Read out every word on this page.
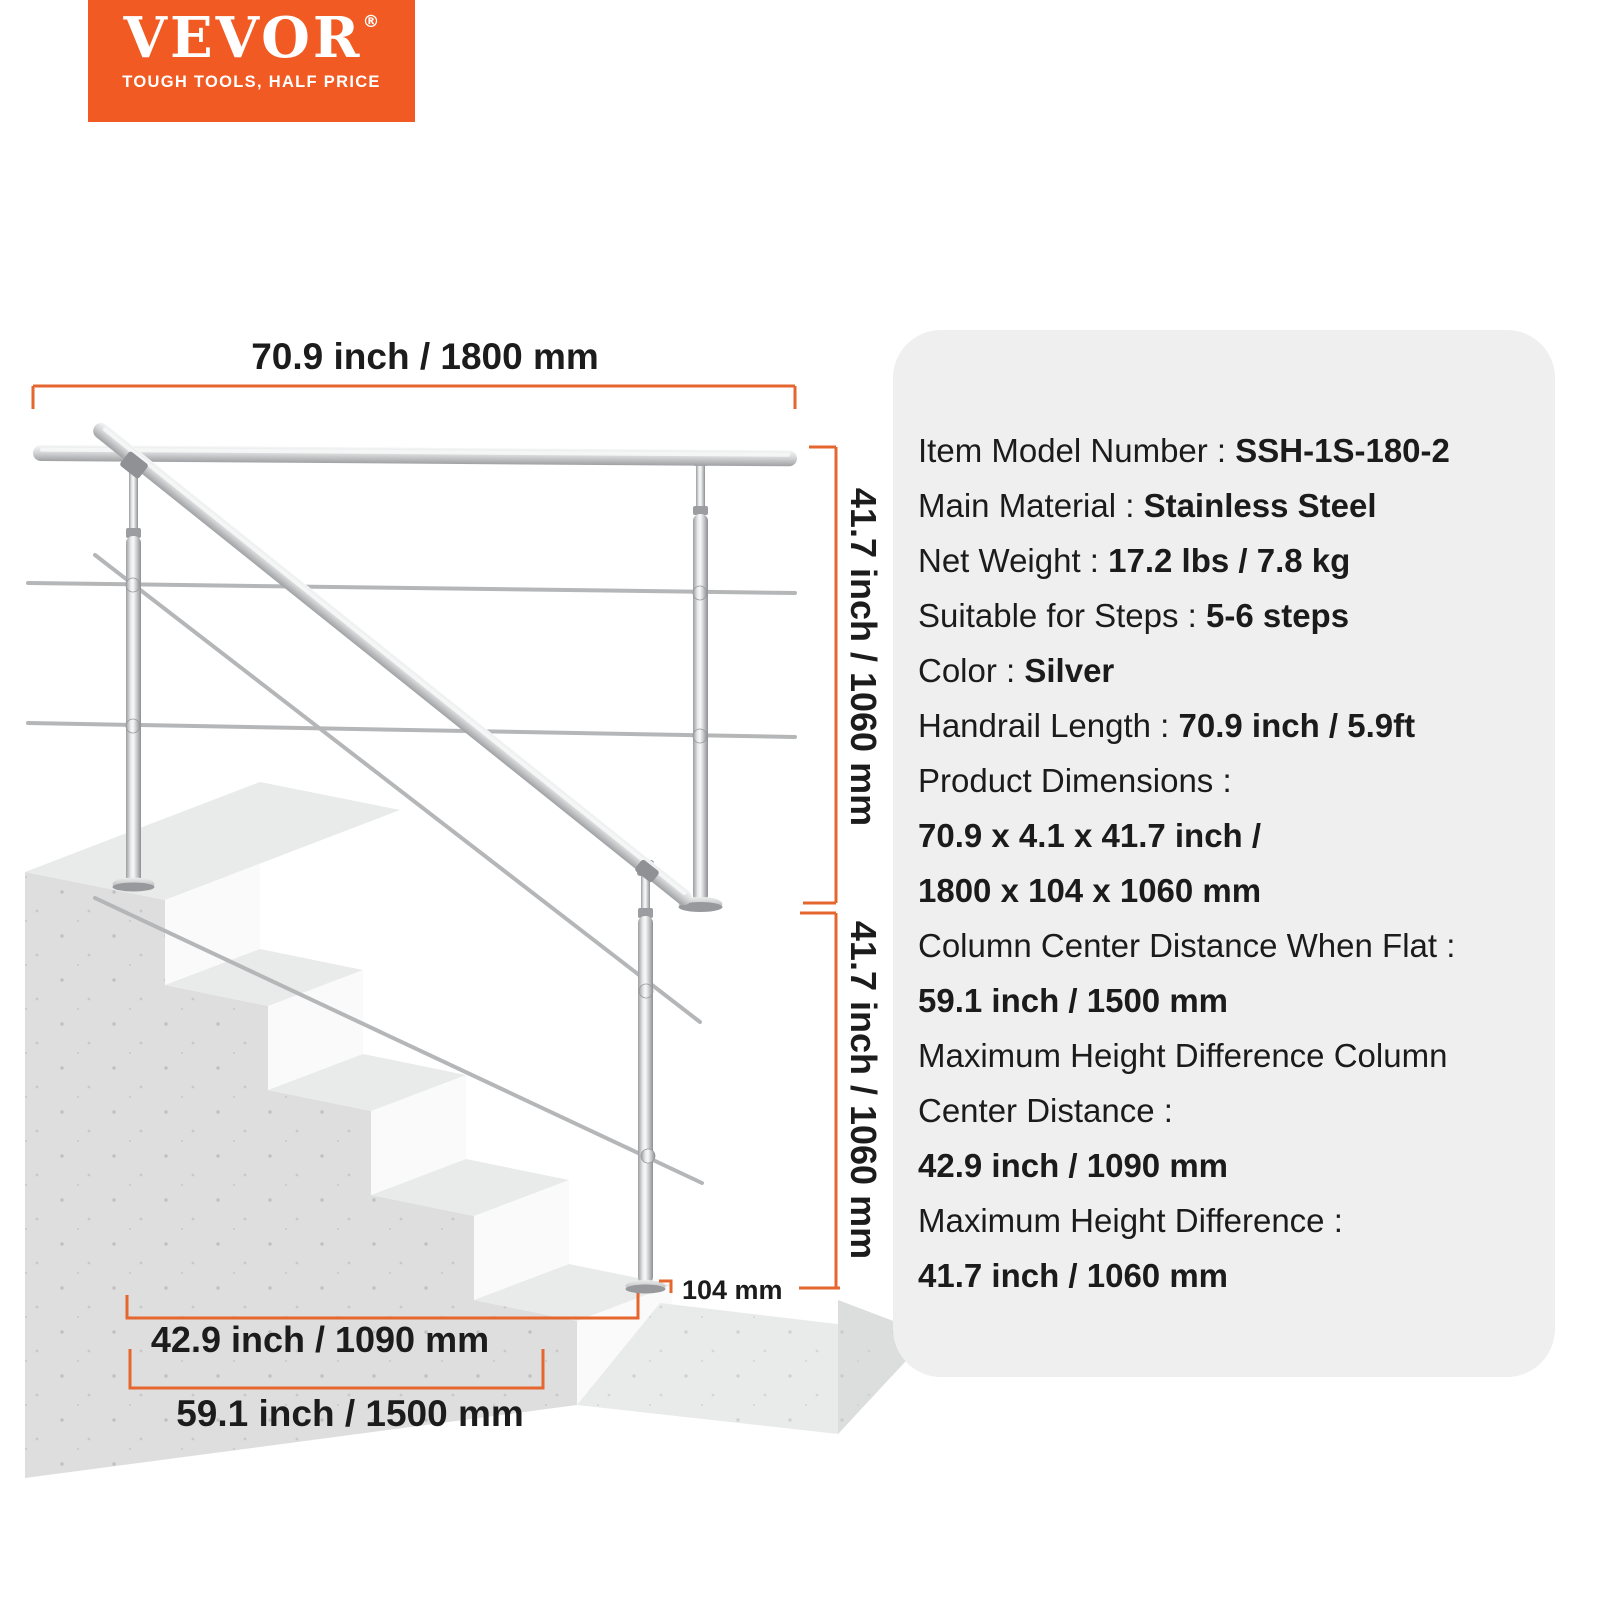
70.9 inch / 1800 mm
41.7 inch / 1060 mm
41.7 inch / 1060 mm
104 mm
42.9 inch / 1090 mm
59.1 inch / 1500 mm
VEVOR ®
TOUGH TOOLS, HALF PRICE
Item Model Number : SSH-1S-180-2
Main Material : Stainless Steel
Net Weight : 17.2 lbs / 7.8 kg
Suitable for Steps : 5-6 steps
Color : Silver
Handrail Length : 70.9 inch / 5.9ft
Product Dimensions :
70.9 x 4.1 x 41.7 inch /
1800 x 104 x 1060 mm
Column Center Distance When Flat :
59.1 inch / 1500 mm
Maximum Height Difference Column
Center Distance :
42.9 inch / 1090 mm
Maximum Height Difference :
41.7 inch / 1060 mm
